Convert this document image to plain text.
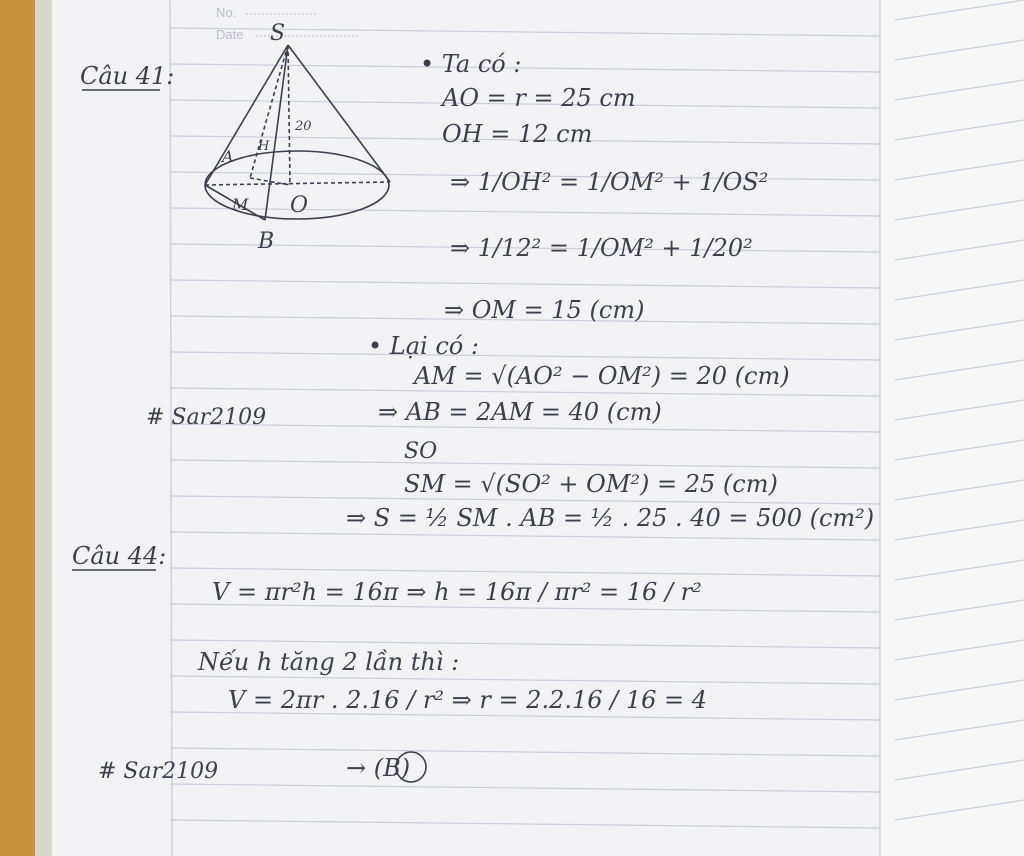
No.
Date
Câu 41:
S
A
H
M O
B
20
• Ta có :
AO = r = 25 cm
OH = 12 cm
⇒ 1/OH² = 1/OM² + 1/OS²
⇒ 1/12² = 1/OM² + 1/20²
⇒ OM = 15 (cm)
• Lại có :
AM = √(AO² − OM²) = 20 (cm)
⇒ AB = 2AM = 40 (cm)
SO
SM = √(SO² + OM²) = 25 (cm)
⇒ S = ½ SM . AB = ½ . 25 . 40 = 500 (cm²)
# Sar2109
Câu 44:
V = πr²h = 16π ⇒ h = 16π / πr² = 16 / r²
Nếu h tăng 2 lần thì :
V = 2πr . 2.16 / r² ⇒ r = 2.2.16 / 16 = 4
→ (B)
# Sar2109
